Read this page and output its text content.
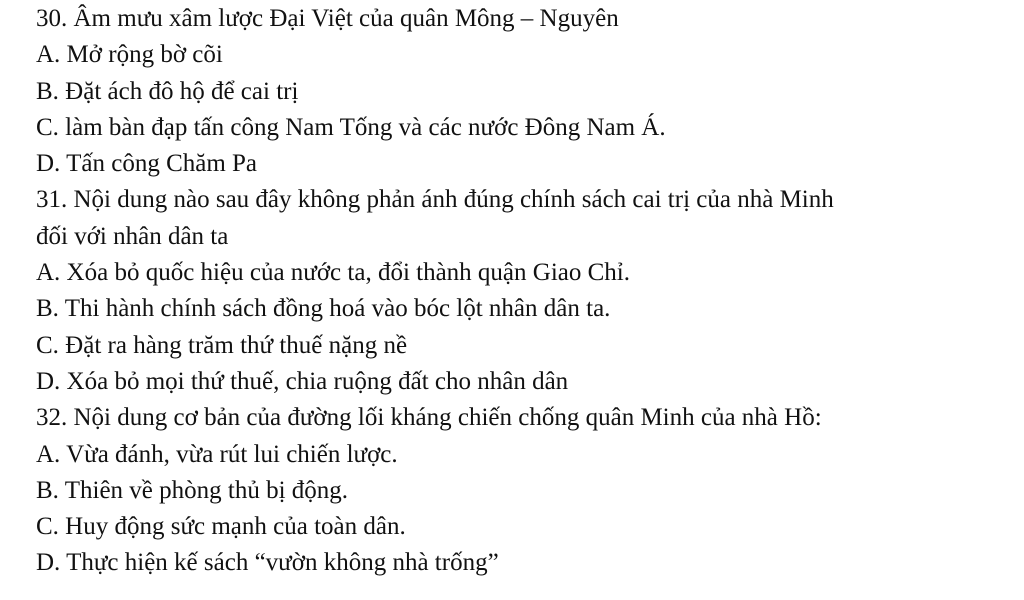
30. Âm mưu xâm lược Đại Việt của quân Mông – Nguyên
A. Mở rộng bờ cõi
B. Đặt ách đô hộ để cai trị
C. làm bàn đạp tấn công Nam Tống và các nước Đông Nam Á.
D. Tấn công Chăm Pa
31. Nội dung nào sau đây không phản ánh đúng chính sách cai trị của nhà Minh
đối với nhân dân ta
A. Xóa bỏ quốc hiệu của nước ta, đổi thành quận Giao Chỉ.
B. Thi hành chính sách đồng hoá vào bóc lột nhân dân ta.
C. Đặt ra hàng trăm thứ thuế nặng nề
D. Xóa bỏ mọi thứ thuế, chia ruộng đất cho nhân dân
32. Nội dung cơ bản của đường lối kháng chiến chống quân Minh của nhà Hồ:
A. Vừa đánh, vừa rút lui chiến lược.
B. Thiên về phòng thủ bị động.
C. Huy động sức mạnh của toàn dân.
D. Thực hiện kế sách “vườn không nhà trống”
